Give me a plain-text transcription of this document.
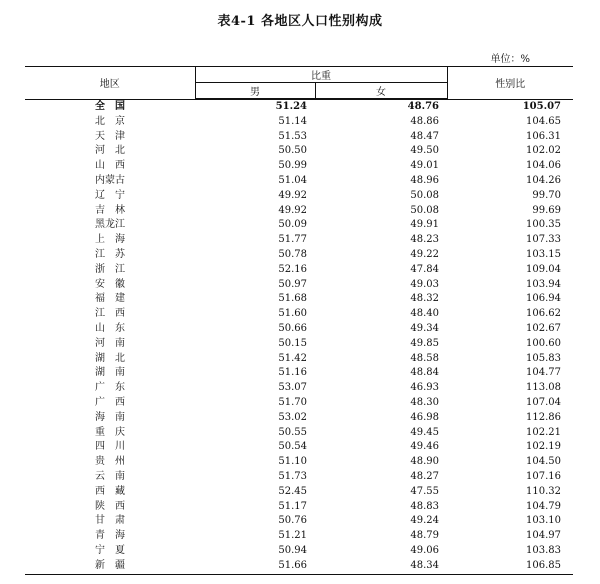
表4-1 各地区人口性别构成
单位：%
地区	比重		性别比
	男	女	

全　国	51.24	48.76	105.07
北　京	51.14	48.86	104.65
天　津	51.53	48.47	106.31
河　北	50.50	49.50	102.02
山　西	50.99	49.01	104.06
内蒙古	51.04	48.96	104.26
辽　宁	49.92	50.08	99.70
吉　林	49.92	50.08	99.69
黑龙江	50.09	49.91	100.35
上　海	51.77	48.23	107.33
江　苏	50.78	49.22	103.15
浙　江	52.16	47.84	109.04
安　徽	50.97	49.03	103.94
福　建	51.68	48.32	106.94
江　西	51.60	48.40	106.62
山　东	50.66	49.34	102.67
河　南	50.15	49.85	100.60
湖　北	51.42	48.58	105.83
湖　南	51.16	48.84	104.77
广　东	53.07	46.93	113.08
广　西	51.70	48.30	107.04
海　南	53.02	46.98	112.86
重　庆	50.55	49.45	102.21
四　川	50.54	49.46	102.19
贵　州	51.10	48.90	104.50
云　南	51.73	48.27	107.16
西　藏	52.45	47.55	110.32
陕　西	51.17	48.83	104.79
甘　肃	50.76	49.24	103.10
青　海	51.21	48.79	104.97
宁　夏	50.94	49.06	103.83
新　疆	51.66	48.34	106.85
